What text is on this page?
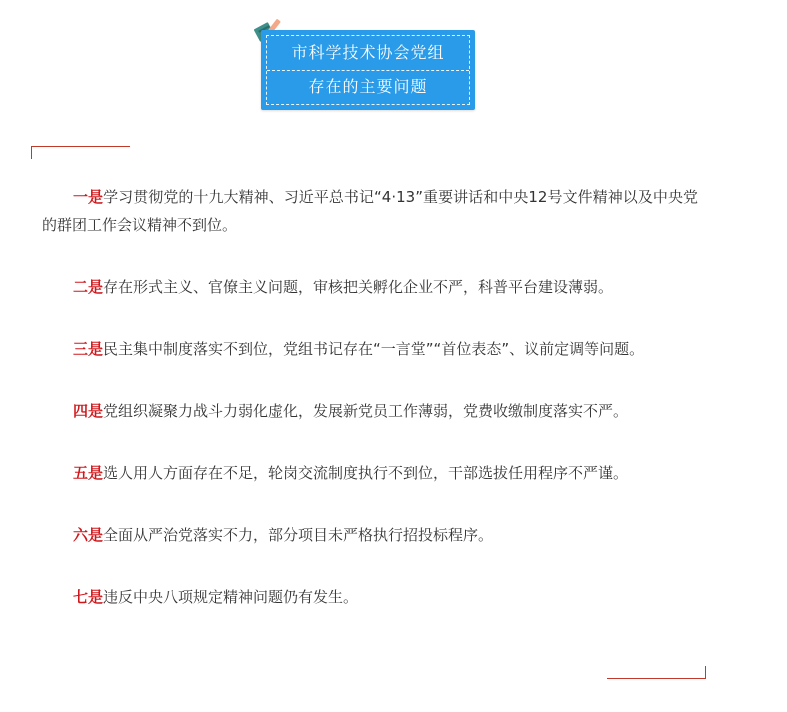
市科学技术协会党组
存在的主要问题

一是学习贯彻党的十九大精神、习近平总书记“4·13”重要讲话和中央12号文件精神以及中央党的群团工作会议精神不到位。

二是存在形式主义、官僚主义问题，审核把关孵化企业不严，科普平台建设薄弱。

三是民主集中制度落实不到位，党组书记存在“一言堂”“首位表态”、议前定调等问题。

四是党组织凝聚力战斗力弱化虚化，发展新党员工作薄弱，党费收缴制度落实不严。

五是选人用人方面存在不足，轮岗交流制度执行不到位，干部选拔任用程序不严谨。

六是全面从严治党落实不力，部分项目未严格执行招投标程序。

七是违反中央八项规定精神问题仍有发生。
